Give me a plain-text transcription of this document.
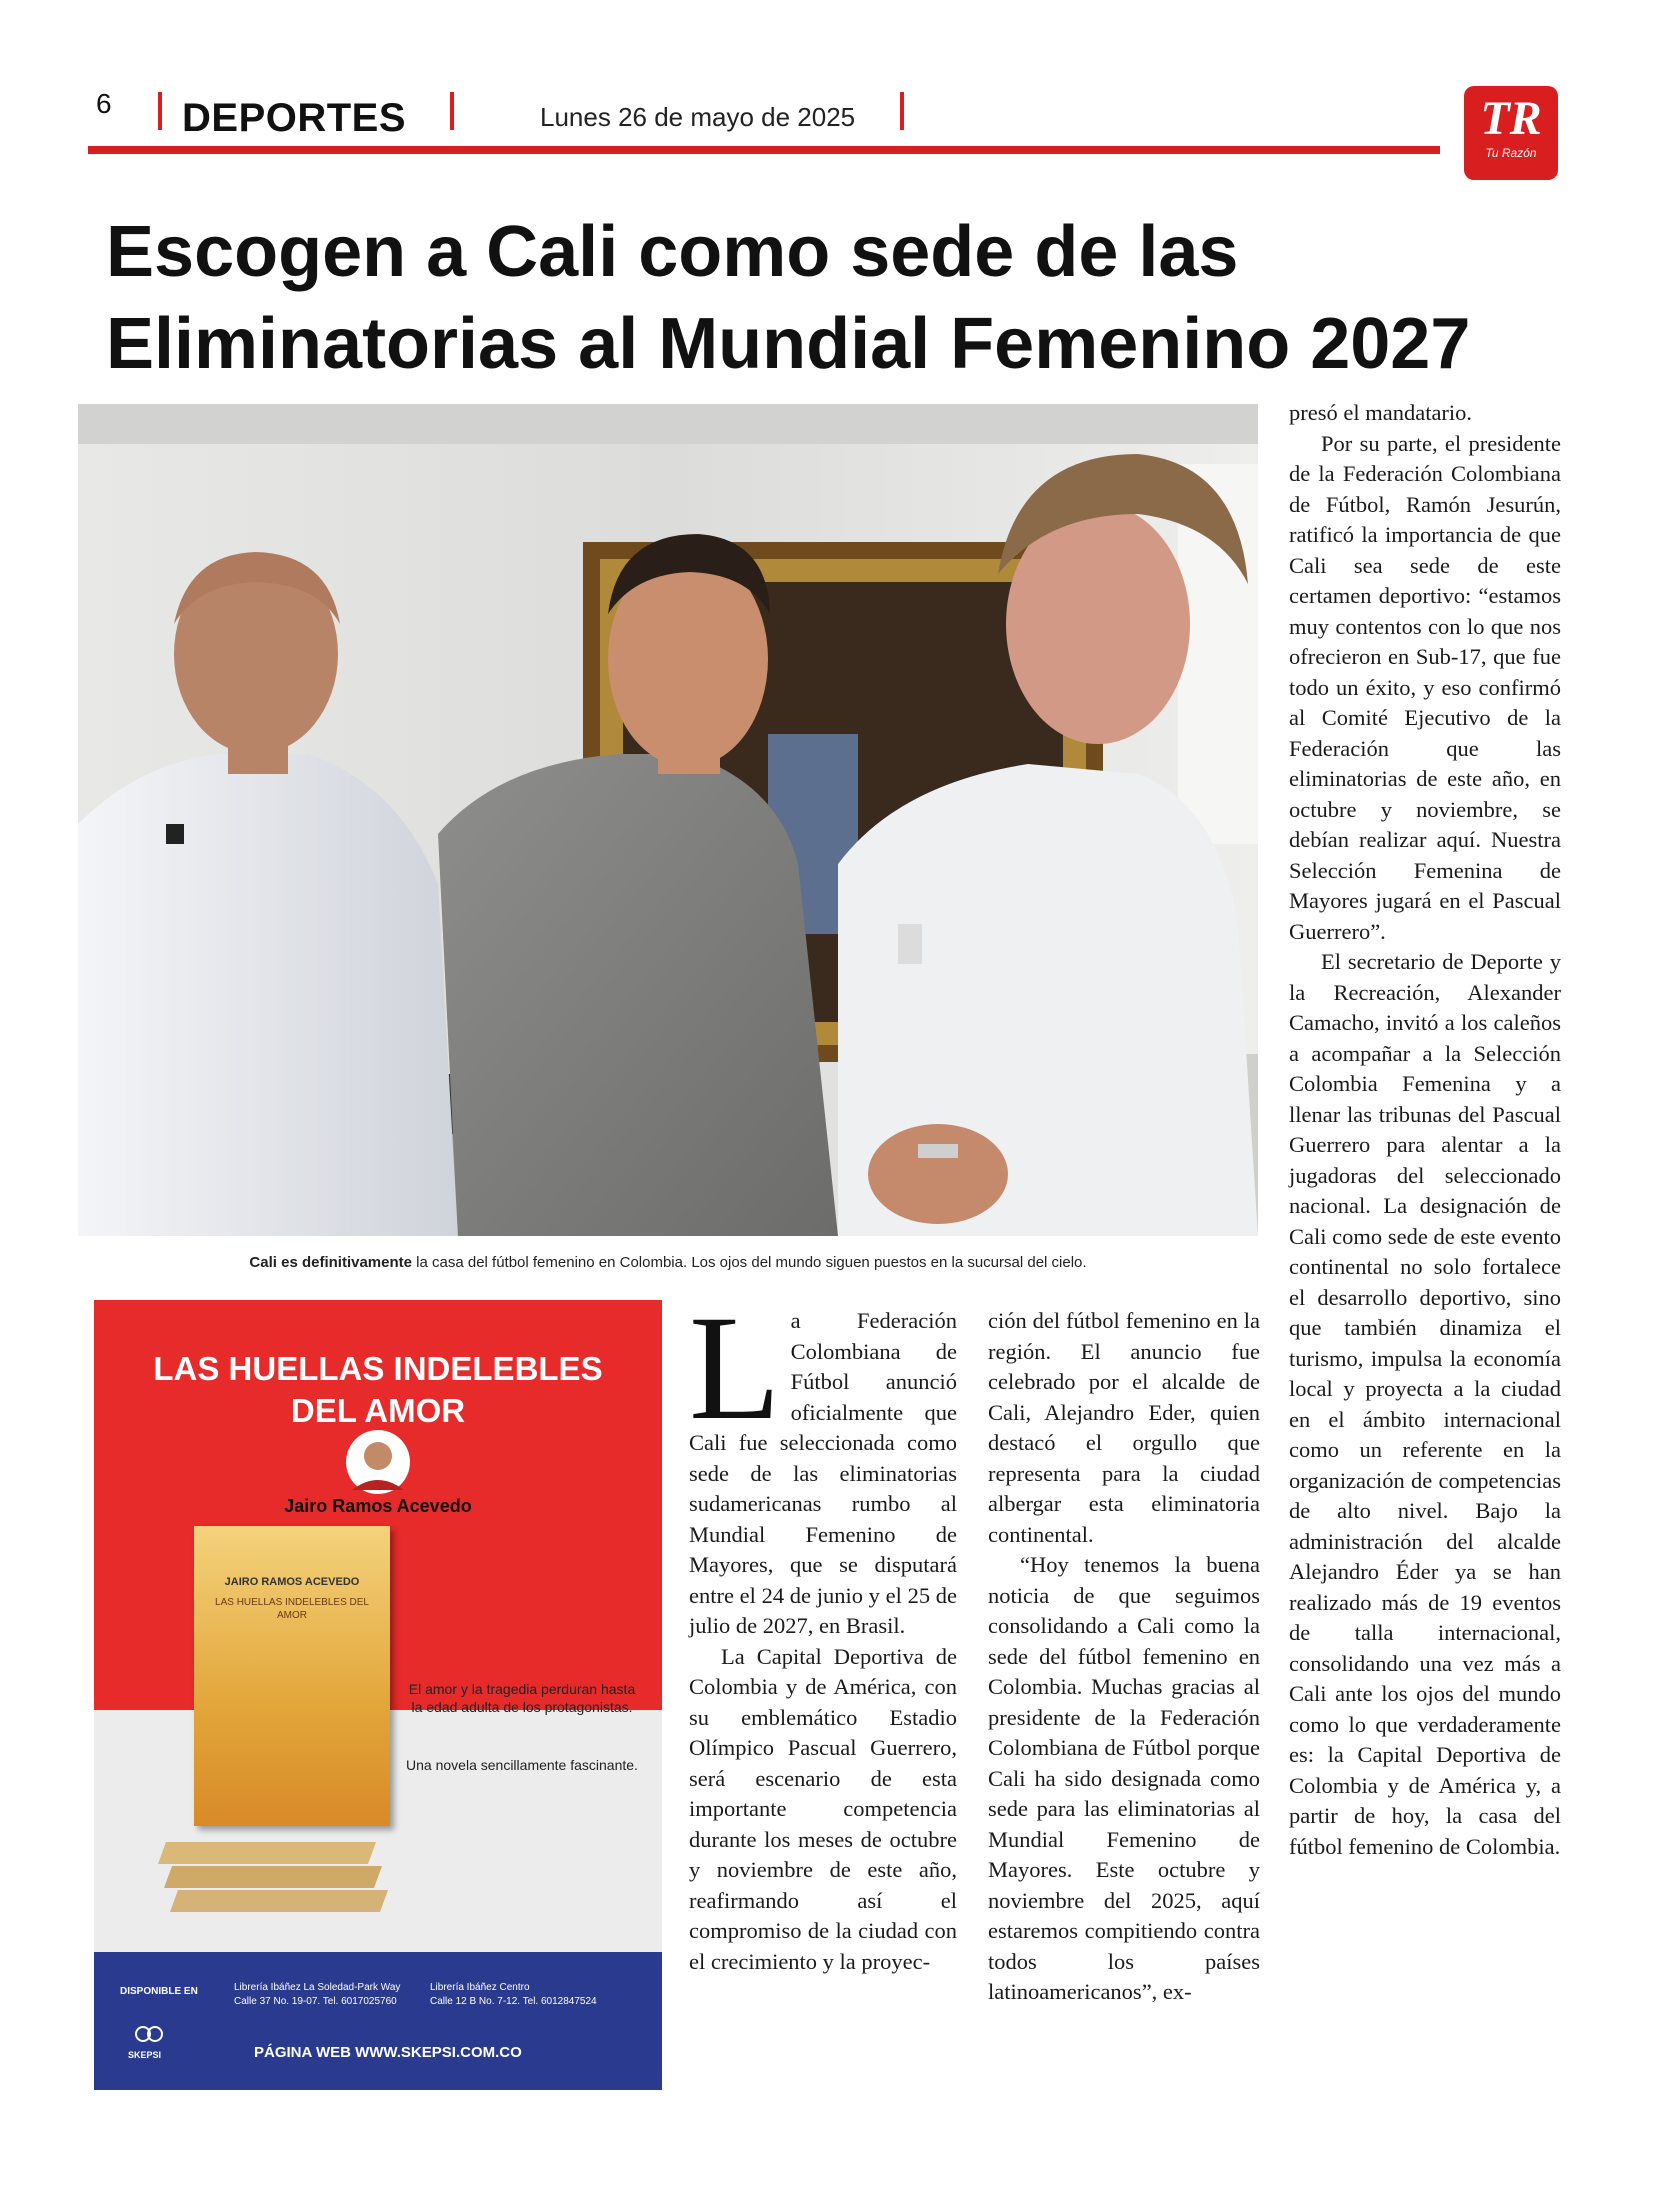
6 DEPORTES	Lunes 26 de mayo de 2025	TR
Tu Razón
Escogen a Cali como sede de las
Eliminatorias al Mundial Femenino 2027
Cali es definitivamente la casa del fútbol femenino en Colombia. Los ojos del mundo siguen puestos en la sucursal del cielo.
LAS HUELLAS INDELEBLES
DEL AMOR
Jairo Ramos Acevedo
JAIRO RAMOS ACEVEDO
LAS HUELLAS INDELEBLES DEL AMOR
El amor y la tragedia perduran hasta la edad adulta de los protagonistas.
Una novela sencillamente fascinante.
DISPONIBLE EN	Librería Ibáñez La Soledad-Park Way
Calle 37 No. 19-07. Tel. 6017025760
Librería Ibáñez Centro
Calle 12 B No. 7-12. Tel. 6012847524
SKEPSI	PÁGINA WEB WWW.SKEPSI.COM.CO

La Federación Colombiana de Fútbol anunció oficialmente que Cali fue seleccionada como sede de las eliminatorias sudamericanas rumbo al Mundial Femenino de Mayores, que se disputará entre el 24 de junio y el 25 de julio de 2027, en Brasil.

La Capital Deportiva de Colombia y de América, con su emblemático Estadio Olímpico Pascual Guerrero, será escenario de esta importante competencia durante los meses de octubre y noviembre de este año, reafirmando así el compromiso de la ciudad con el crecimiento y la proyec-

ción del fútbol femenino en la región. El anuncio fue celebrado por el alcalde de Cali, Alejandro Eder, quien destacó el orgullo que representa para la ciudad albergar esta eliminatoria continental.

“Hoy tenemos la buena noticia de que seguimos consolidando a Cali como la sede del fútbol femenino en Colombia. Muchas gracias al presidente de la Federación Colombiana de Fútbol porque Cali ha sido designada como sede para las eliminatorias al Mundial Femenino de Mayores. Este octubre y noviembre del 2025, aquí estaremos compitiendo contra todos los países latinoamericanos”, ex-

presó el mandatario.

Por su parte, el presidente de la Federación Colombiana de Fútbol, Ramón Jesurún, ratificó la importancia de que Cali sea sede de este certamen deportivo: “estamos muy contentos con lo que nos ofrecieron en Sub-17, que fue todo un éxito, y eso confirmó al Comité Ejecutivo de la Federación que las eliminatorias de este año, en octubre y noviembre, se debían realizar aquí. Nuestra Selección Femenina de Mayores jugará en el Pascual Guerrero”.

El secretario de Deporte y la Recreación, Alexander Camacho, invitó a los caleños a acompañar a la Selección Colombia Femenina y a llenar las tribunas del Pascual Guerrero para alentar a la jugadoras del seleccionado nacional. La designación de Cali como sede de este evento continental no solo fortalece el desarrollo deportivo, sino que también dinamiza el turismo, impulsa la economía local y proyecta a la ciudad en el ámbito internacional como un referente en la organización de competencias de alto nivel. Bajo la administración del alcalde Alejandro Éder ya se han realizado más de 19 eventos de talla internacional, consolidando una vez más a Cali ante los ojos del mundo como lo que verdaderamente es: la Capital Deportiva de Colombia y de América y, a partir de hoy, la casa del fútbol femenino de Colombia.
